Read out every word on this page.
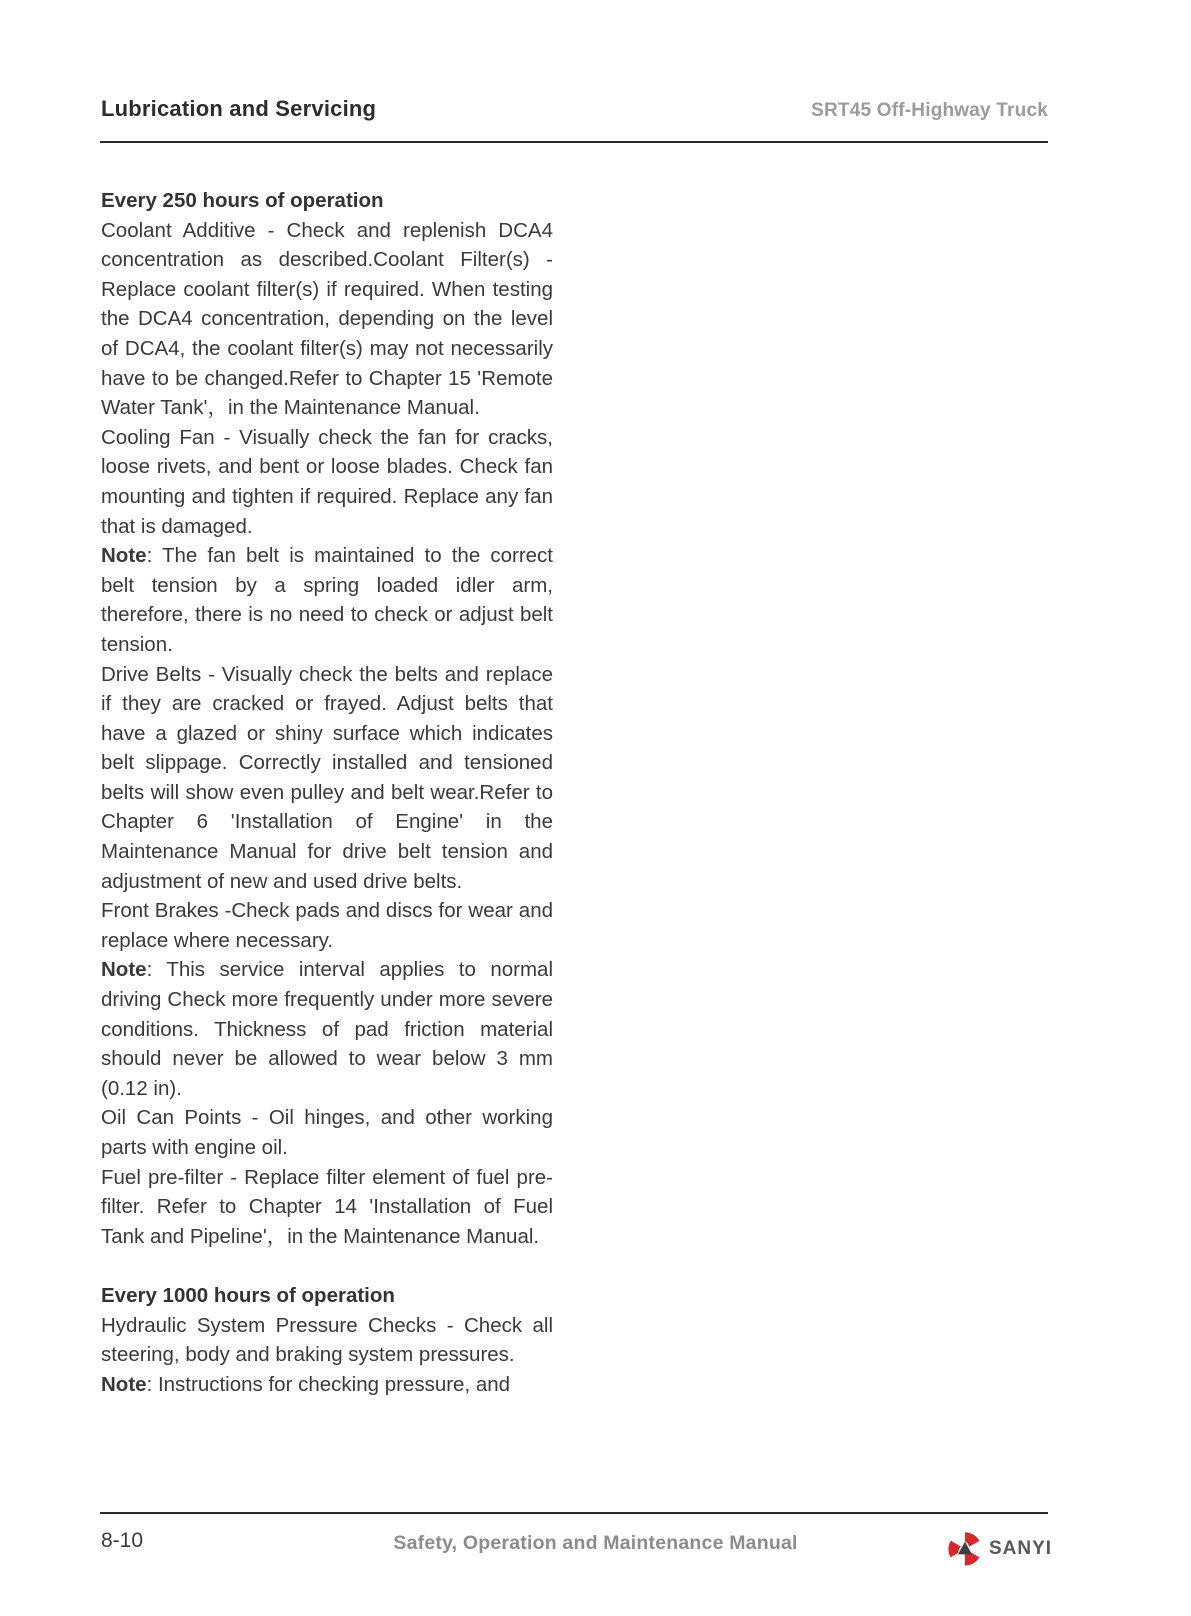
Lubrication and Servicing	SRT45 Off-Highway Truck
Every 250 hours of operation

Coolant Additive - Check and replenish DCA4 concentration as described.Coolant Filter(s) - Replace coolant filter(s) if required. When testing the DCA4 concentration, depending on the level of DCA4, the coolant filter(s) may not necessarily have to be changed.Refer to Chapter 15 'Remote Water Tank'，in the Maintenance Manual.

Cooling Fan - Visually check the fan for cracks, loose rivets, and bent or loose blades. Check fan mounting and tighten if required. Replace any fan that is damaged.

Note: The fan belt is maintained to the correct belt tension by a spring loaded idler arm, therefore, there is no need to check or adjust belt tension.

Drive Belts - Visually check the belts and replace if they are cracked or frayed. Adjust belts that have a glazed or shiny surface which indicates belt slippage. Correctly installed and tensioned belts will show even pulley and belt wear.Refer to Chapter 6 'Installation of Engine' in the Maintenance Manual for drive belt tension and adjustment of new and used drive belts.

Front Brakes -Check pads and discs for wear and replace where necessary.

Note: This service interval applies to normal driving Check more frequently under more severe conditions. Thickness of pad friction material should never be allowed to wear below 3 mm (0.12 in).

Oil Can Points - Oil hinges, and other working parts with engine oil.

Fuel pre-filter - Replace filter element of fuel pre-filter. Refer to Chapter 14 'Installation of Fuel Tank and Pipeline'，in the Maintenance Manual.

Every 1000 hours of operation

Hydraulic System Pressure Checks - Check all steering, body and braking system pressures.

Note: Instructions for checking pressure, and

8-10	Safety, Operation and Maintenance Manual	SANYI
